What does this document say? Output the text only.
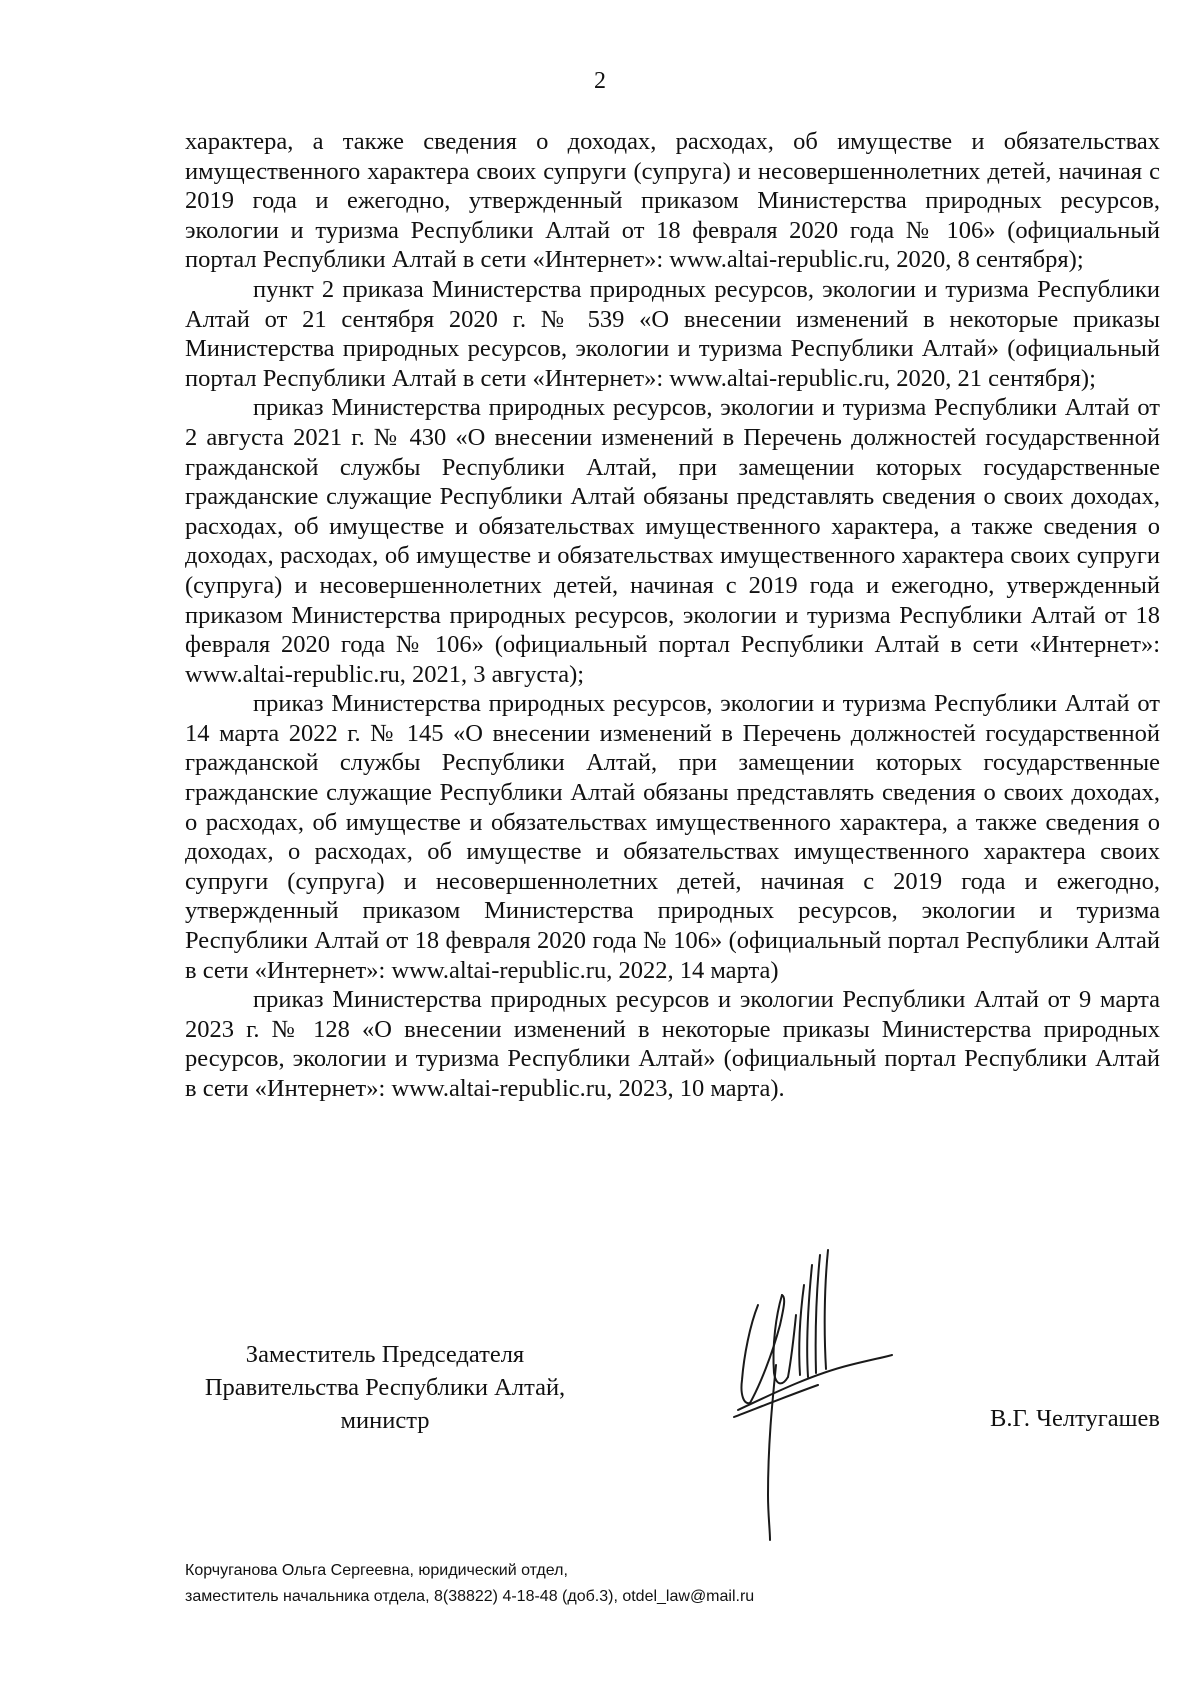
2

характера, а также сведения о доходах, расходах, об имуществе и обязательствах имущественного характера своих супруги (супруга) и несовершеннолетних детей, начиная с 2019 года и ежегодно, утвержденный приказом Министерства природных ресурсов, экологии и туризма Республики Алтай от 18 февраля 2020 года № 106» (официальный портал Республики Алтай в сети «Интернет»: www.altai-republic.ru, 2020, 8 сентября);

пункт 2 приказа Министерства природных ресурсов, экологии и туризма Республики Алтай от 21 сентября 2020 г. № 539 «О внесении изменений в некоторые приказы Министерства природных ресурсов, экологии и туризма Республики Алтай» (официальный портал Республики Алтай в сети «Интернет»: www.altai-republic.ru, 2020, 21 сентября);

приказ Министерства природных ресурсов, экологии и туризма Республики Алтай от 2 августа 2021 г. № 430 «О внесении изменений в Перечень должностей государственной гражданской службы Республики Алтай, при замещении которых государственные гражданские служащие Республики Алтай обязаны представлять сведения о своих доходах, расходах, об имуществе и обязательствах имущественного характера, а также сведения о доходах, расходах, об имуществе и обязательствах имущественного характера своих супруги (супруга) и несовершеннолетних детей, начиная с 2019 года и ежегодно, утвержденный приказом Министерства природных ресурсов, экологии и туризма Республики Алтай от 18 февраля 2020 года № 106» (официальный портал Республики Алтай в сети «Интернет»: www.altai-republic.ru, 2021, 3 августа);

приказ Министерства природных ресурсов, экологии и туризма Республики Алтай от 14 марта 2022 г. № 145 «О внесении изменений в Перечень должностей государственной гражданской службы Республики Алтай, при замещении которых государственные гражданские служащие Республики Алтай обязаны представлять сведения о своих доходах, о расходах, об имуществе и обязательствах имущественного характера, а также сведения о доходах, о расходах, об имуществе и обязательствах имущественного характера своих супруги (супруга) и несовершеннолетних детей, начиная с 2019 года и ежегодно, утвержденный приказом Министерства природных ресурсов, экологии и туризма Республики Алтай от 18 февраля 2020 года № 106» (официальный портал Республики Алтай в сети «Интернет»: www.altai-republic.ru, 2022, 14 марта)

приказ Министерства природных ресурсов и экологии Республики Алтай от 9 марта 2023 г. № 128 «О внесении изменений в некоторые приказы Министерства природных ресурсов, экологии и туризма Республики Алтай» (официальный портал Республики Алтай в сети «Интернет»: www.altai-republic.ru, 2023, 10 марта).

Заместитель Председателя
Правительства Республики Алтай,
министр	В.Г. Челтугашев
Корчуганова Ольга Сергеевна, юридический отдел,
заместитель начальника отдела, 8(38822) 4-18-48 (доб.3), otdel_law@mail.ru
